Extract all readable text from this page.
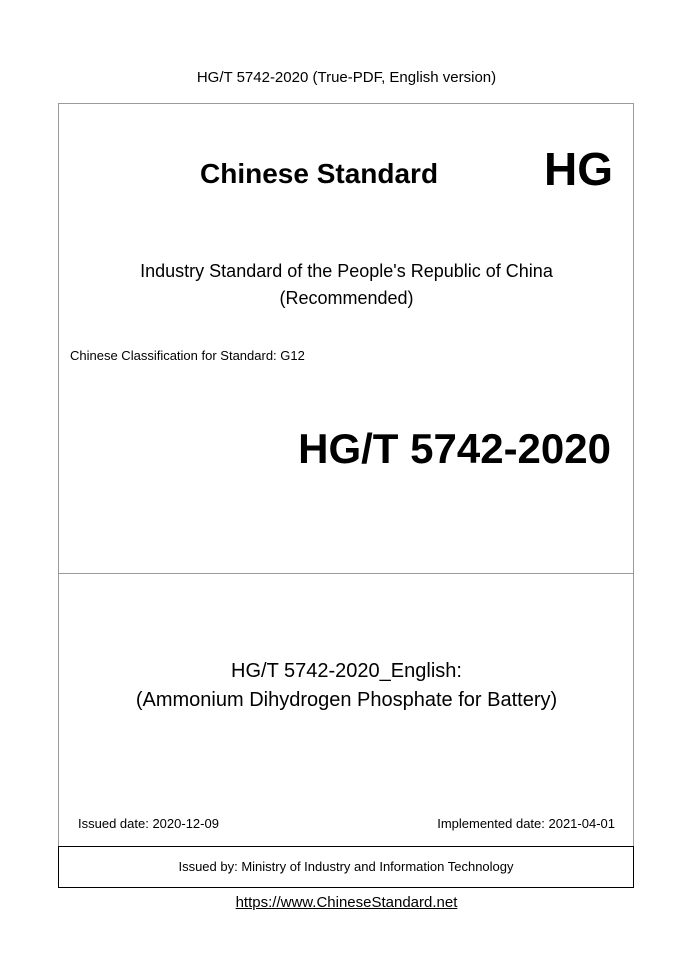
HG/T 5742-2020 (True-PDF, English version)
Chinese Standard HG
Industry Standard of the People's Republic of China
(Recommended)
Chinese Classification for Standard: G12
HG/T 5742-2020
HG/T 5742-2020_English:
(Ammonium Dihydrogen Phosphate for Battery)
Issued date: 2020-12-09	Implemented date: 2021-04-01
Issued by: Ministry of Industry and Information Technology
https://www.ChineseStandard.net
